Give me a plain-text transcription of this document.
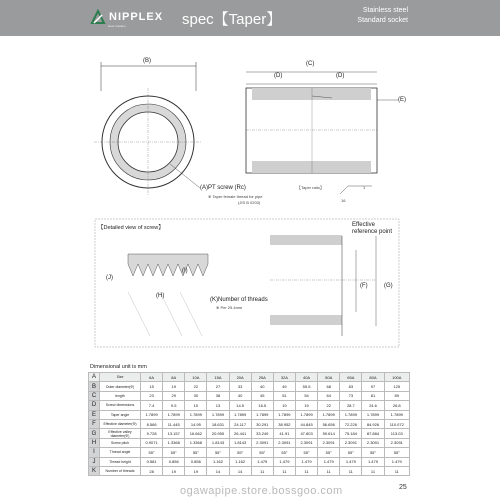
NIPPLEX
steel mastery	spec【Taper】
Stainless steel
Standard socket
(B)
(A)PT screw (Rc)
※ Taper female thread for pipe
(JIS B 0203)
(C)
(D)	(D)
(E)
【Taper ratio】	1
16
【Detailed view of screw】
(J)
(I)
(H)
(K)Number of threads
※ Per 25.4mm
Effective
reference point
(F)	(G)
Dimensional unit is mm
A	Size	6A	8A	10A	15A	20A	25A	32A	40A	50A	65A	80A	100A
B	Outer diameter(Φ)	15	19	22	27	33	40	49	55.5	68	83	97	125
C	length	23	29	30	38	40	45	51	54	64	73	81	89
D	Screw dimensions	7.4	9.5	10	13	14.5	16.5	19	19	22	28.7	24.6	26.8
E	Taper angle	1.7899	1.7899	1.7899	1.7899	1.7899	1.7899	1.7899	1.7899	1.7899	1.7899	1.7899	1.7899
F	Effective diameter(Φ)	8.566	11.445	14.95	18.631	24.117	30.291	38.952	44.845	56.656	72.226	84.926	110.072
G	Effective valley diameter(Φ)	9.728	13.157	16.662	20.955	26.441	33.249	41.91	47.803	59.614	75.184	87.884	113.03
H	Screw pitch	0.9071	1.3368	1.3368	1.8143	1.8143	2.3091	2.3091	2.3091	2.3091	2.3091	2.3091	2.3091
I	Thread angle	55°	55°	55°	55°	55°	55°	55°	55°	55°	55°	55°	55°
J	Thread height	0.581	0.856	0.856	1.162	1.162	1.479	1.479	1.479	1.479	1.479	1.479	1.479
K	Number of threads	28	19	19	14	14	11	11	11	11	11	11	11
ogawapipe.store.bossgoo.com	25
